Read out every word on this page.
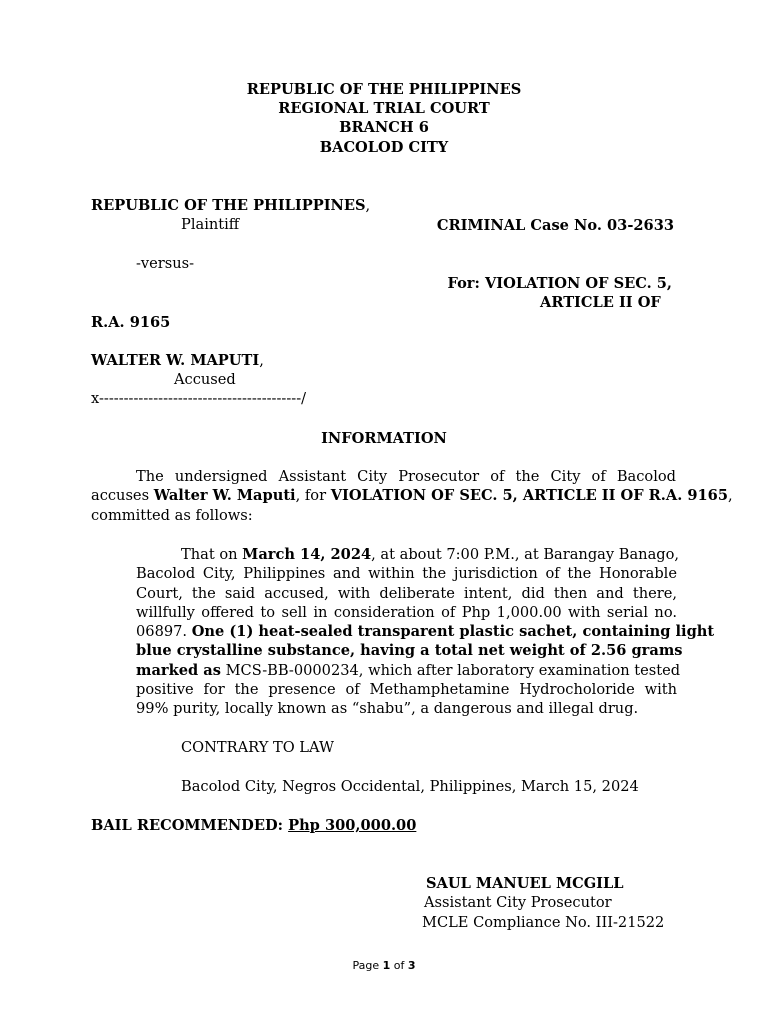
REPUBLIC OF THE PHILIPPINES
REGIONAL TRIAL COURT
BRANCH 6
BACOLOD CITY
REPUBLIC OF THE PHILIPPINES,
Plaintiff	CRIMINAL Case No. 03-2633
-versus-
For: VIOLATION OF SEC. 5,
ARTICLE II OF
R.A. 9165
WALTER W. MAPUTI,
Accused
x-----------------------------------------/
INFORMATION
The undersigned Assistant City Prosecutor of the City of Bacolod
accuses Walter W. Maputi, for VIOLATION OF SEC. 5, ARTICLE II OF R.A. 9165,
committed as follows:
That on March 14, 2024, at about 7:00 P.M., at Barangay Banago,
Bacolod City, Philippines and within the jurisdiction of the Honorable
Court, the said accused, with deliberate intent, did then and there,
willfully offered to sell in consideration of Php 1,000.00 with serial no.
06897. One (1) heat-sealed transparent plastic sachet, containing light
blue crystalline substance, having a total net weight of 2.56 grams
marked as MCS-BB-0000234, which after laboratory examination tested
positive for the presence of Methamphetamine Hydrocholoride with
99% purity, locally known as “shabu”, a dangerous and illegal drug.
CONTRARY TO LAW
Bacolod City, Negros Occidental, Philippines, March 15, 2024
BAIL RECOMMENDED: Php 300,000.00
SAUL MANUEL MCGILL
Assistant City Prosecutor
MCLE Compliance No. III-21522
Page 1 of 3
